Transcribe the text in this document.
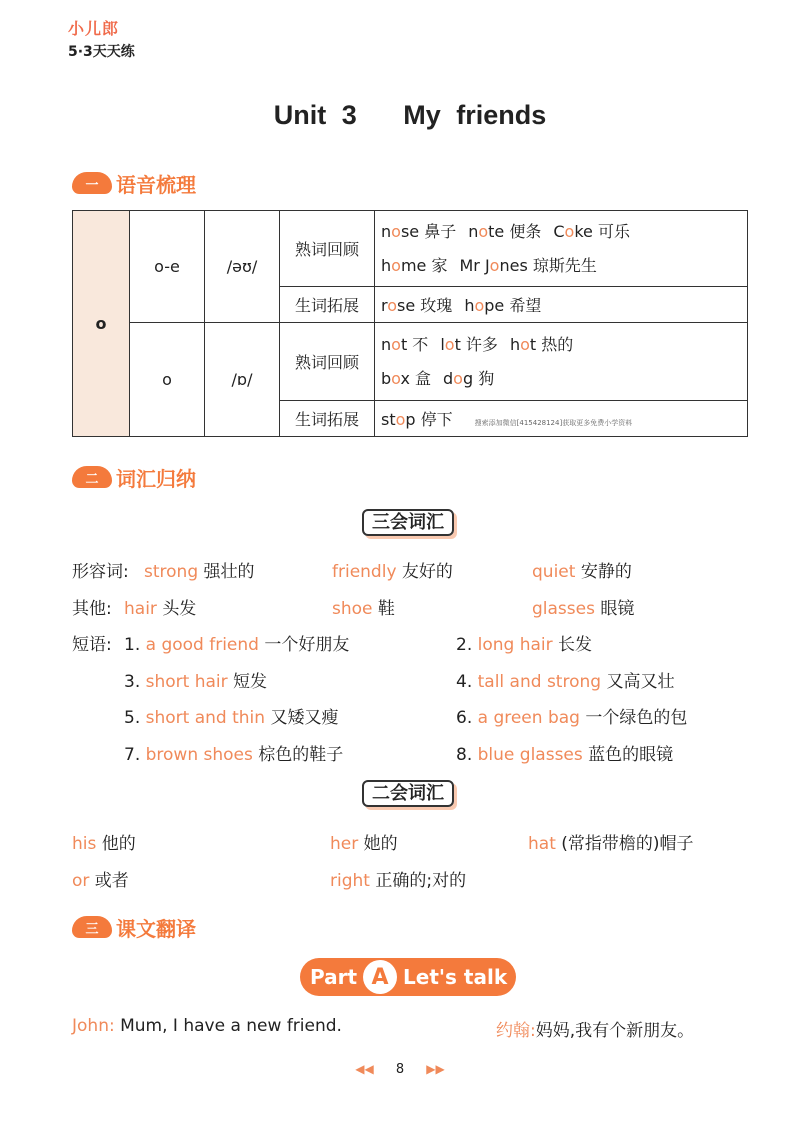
小儿郎
5·3天天练
Unit 3   My friends
一 语音梳理
o	o-e	/əʊ/	熟词回顾	nose 鼻子 note 便条 Coke 可乐
home 家 Mr Jones 琼斯先生

			生词拓展	rose 玫瑰 hope 希望

	o	/ɒ/	熟词回顾	not 不 lot 许多 hot 热的
box 盒 dog 狗

			生词拓展	stop 停下 搜索添加微信[415428124]获取更多免费小学资料
二 词汇归纳
三会词汇
形容词: strong 强壮的	friendly 友好的	quiet 安静的
其他: hair 头发	shoe 鞋	glasses 眼镜
短语: 1. a good friend 一个好朋友	2. long hair 长发
3. short hair 短发	4. tall and strong 又高又壮
5. short and thin 又矮又瘦	6. a green bag 一个绿色的包
7. brown shoes 棕色的鞋子	8. blue glasses 蓝色的眼镜
二会词汇
his 他的	her 她的	hat (常指带檐的)帽子
or 或者	right 正确的;对的
三 课文翻译
Part A Let's talk
John: Mum, I have a new friend.	约翰:妈妈,我有个新朋友。
◀◀ 8 ▶▶
